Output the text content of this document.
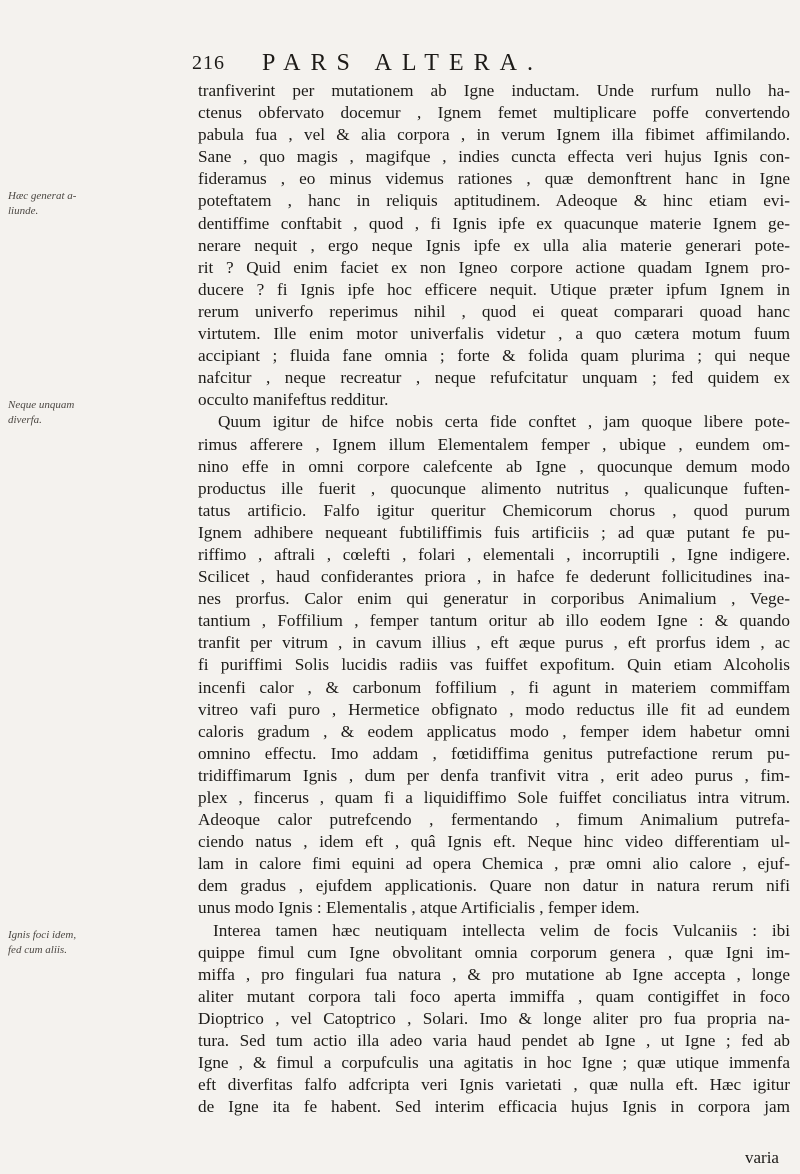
216 PARS ALTERA.
Hæc generat a-
liunde.
Neque unquam
diverfa.
Ignis foci idem,
fed cum aliis.
tranfiverint per mutationem ab Igne inductam. Unde rurfum nullo ha-
ctenus obfervato docemur , Ignem femet multiplicare poffe convertendo
pabula fua , vel & alia corpora , in verum Ignem illa fibimet affimilando.
Sane , quo magis , magifque , indies cuncta effecta veri hujus Ignis con-
fideramus , eo minus videmus rationes , quæ demonftrent hanc in Igne
poteftatem , hanc in reliquis aptitudinem. Adeoque & hinc etiam evi-
dentiffime conftabit , quod , fi Ignis ipfe ex quacunque materie Ignem ge-
nerare nequit , ergo neque Ignis ipfe ex ulla alia materie generari pote-
rit ? Quid enim faciet ex non Igneo corpore actione quadam Ignem pro-
ducere ? fi Ignis ipfe hoc efficere nequit. Utique præter ipfum Ignem in
rerum univerfo reperimus nihil , quod ei queat comparari quoad hanc
virtutem. Ille enim motor univerfalis videtur , a quo cætera motum fuum
accipiant ; fluida fane omnia ; forte & folida quam plurima ; qui neque
nafcitur , neque recreatur , neque refufcitatur unquam ; fed quidem ex
occulto manifeftus redditur.
Quum igitur de hifce nobis certa fide conftet , jam quoque libere pote-
rimus afferere , Ignem illum Elementalem femper , ubique , eundem om-
nino effe in omni corpore calefcente ab Igne , quocunque demum modo
productus ille fuerit , quocunque alimento nutritus , qualicunque fuften-
tatus artificio. Falfo igitur queritur Chemicorum chorus , quod purum
Ignem adhibere nequeant fubtiliffimis fuis artificiis ; ad quæ putant fe pu-
riffimo , aftrali , cœlefti , folari , elementali , incorruptili , Igne indigere.
Scilicet , haud confiderantes priora , in hafce fe dederunt follicitudines ina-
nes prorfus. Calor enim qui generatur in corporibus Animalium , Vege-
tantium , Foffilium , femper tantum oritur ab illo eodem Igne : & quando
tranfit per vitrum , in cavum illius , eft æque purus , eft prorfus idem , ac
fi puriffimi Solis lucidis radiis vas fuiffet expofitum. Quin etiam Alcoholis
incenfi calor , & carbonum foffilium , fi agunt in materiem commiffam
vitreo vafi puro , Hermetice obfignato , modo reductus ille fit ad eundem
caloris gradum , & eodem applicatus modo , femper idem habetur omni
omnino effectu. Imo addam , fœtidiffima genitus putrefactione rerum pu-
tridiffimarum Ignis , dum per denfa tranfivit vitra , erit adeo purus , fim-
plex , fincerus , quam fi a liquidiffimo Sole fuiffet conciliatus intra vitrum.
Adeoque calor putrefcendo , fermentando , fimum Animalium putrefa-
ciendo natus , idem eft , quâ Ignis eft. Neque hinc video differentiam ul-
lam in calore fimi equini ad opera Chemica , præ omni alio calore , ejuf-
dem gradus , ejufdem applicationis. Quare non datur in natura rerum nifi
unus modo Ignis : Elementalis , atque Artificialis , femper idem.
Interea tamen hæc neutiquam intellecta velim de focis Vulcaniis : ibi
quippe fimul cum Igne obvolitant omnia corporum genera , quæ Igni im-
miffa , pro fingulari fua natura , & pro mutatione ab Igne accepta , longe
aliter mutant corpora tali foco aperta immiffa , quam contigiffet in foco
Dioptrico , vel Catoptrico , Solari. Imo & longe aliter pro fua propria na-
tura. Sed tum actio illa adeo varia haud pendet ab Igne , ut Igne ; fed ab
Igne , & fimul a corpufculis una agitatis in hoc Igne ; quæ utique immenfa
eft diverfitas falfo adfcripta veri Ignis varietati , quæ nulla eft. Hæc igitur
de Igne ita fe habent. Sed interim efficacia hujus Ignis in corpora jam
varia
